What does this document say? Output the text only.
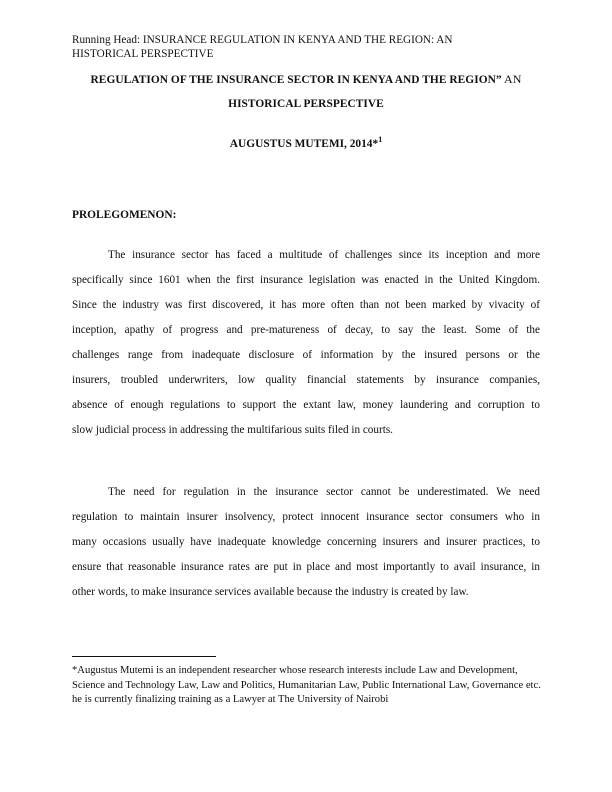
Running Head: INSURANCE REGULATION IN KENYA AND THE REGION: AN HISTORICAL PERSPECTIVE
REGULATION OF THE INSURANCE SECTOR IN KENYA AND THE REGION” AN
HISTORICAL PERSPECTIVE
AUGUSTUS MUTEMI, 2014*$^1$
PROLEGOMENON:
The insurance sector has faced a multitude of challenges since its inception and more
specifically since 1601 when the first insurance legislation was enacted in the United Kingdom.
Since the industry was first discovered, it has more often than not been marked by vivacity of
inception, apathy of progress and pre-matureness of decay, to say the least. Some of the
challenges range from inadequate disclosure of information by the insured persons or the
insurers, troubled underwriters, low quality financial statements by insurance companies,
absence of enough regulations to support the extant law, money laundering and corruption to
slow judicial process in addressing the multifarious suits filed in courts.
The need for regulation in the insurance sector cannot be underestimated. We need
regulation to maintain insurer insolvency, protect innocent insurance sector consumers who in
many occasions usually have inadequate knowledge concerning insurers and insurer practices, to
ensure that reasonable insurance rates are put in place and most importantly to avail insurance, in
other words, to make insurance services available because the industry is created by law.
*Augustus Mutemi is an independent researcher whose research interests include Law and Development, Science and Technology Law, Law and Politics, Humanitarian Law, Public International Law, Governance etc. he is currently finalizing training as a Lawyer at The University of Nairobi
